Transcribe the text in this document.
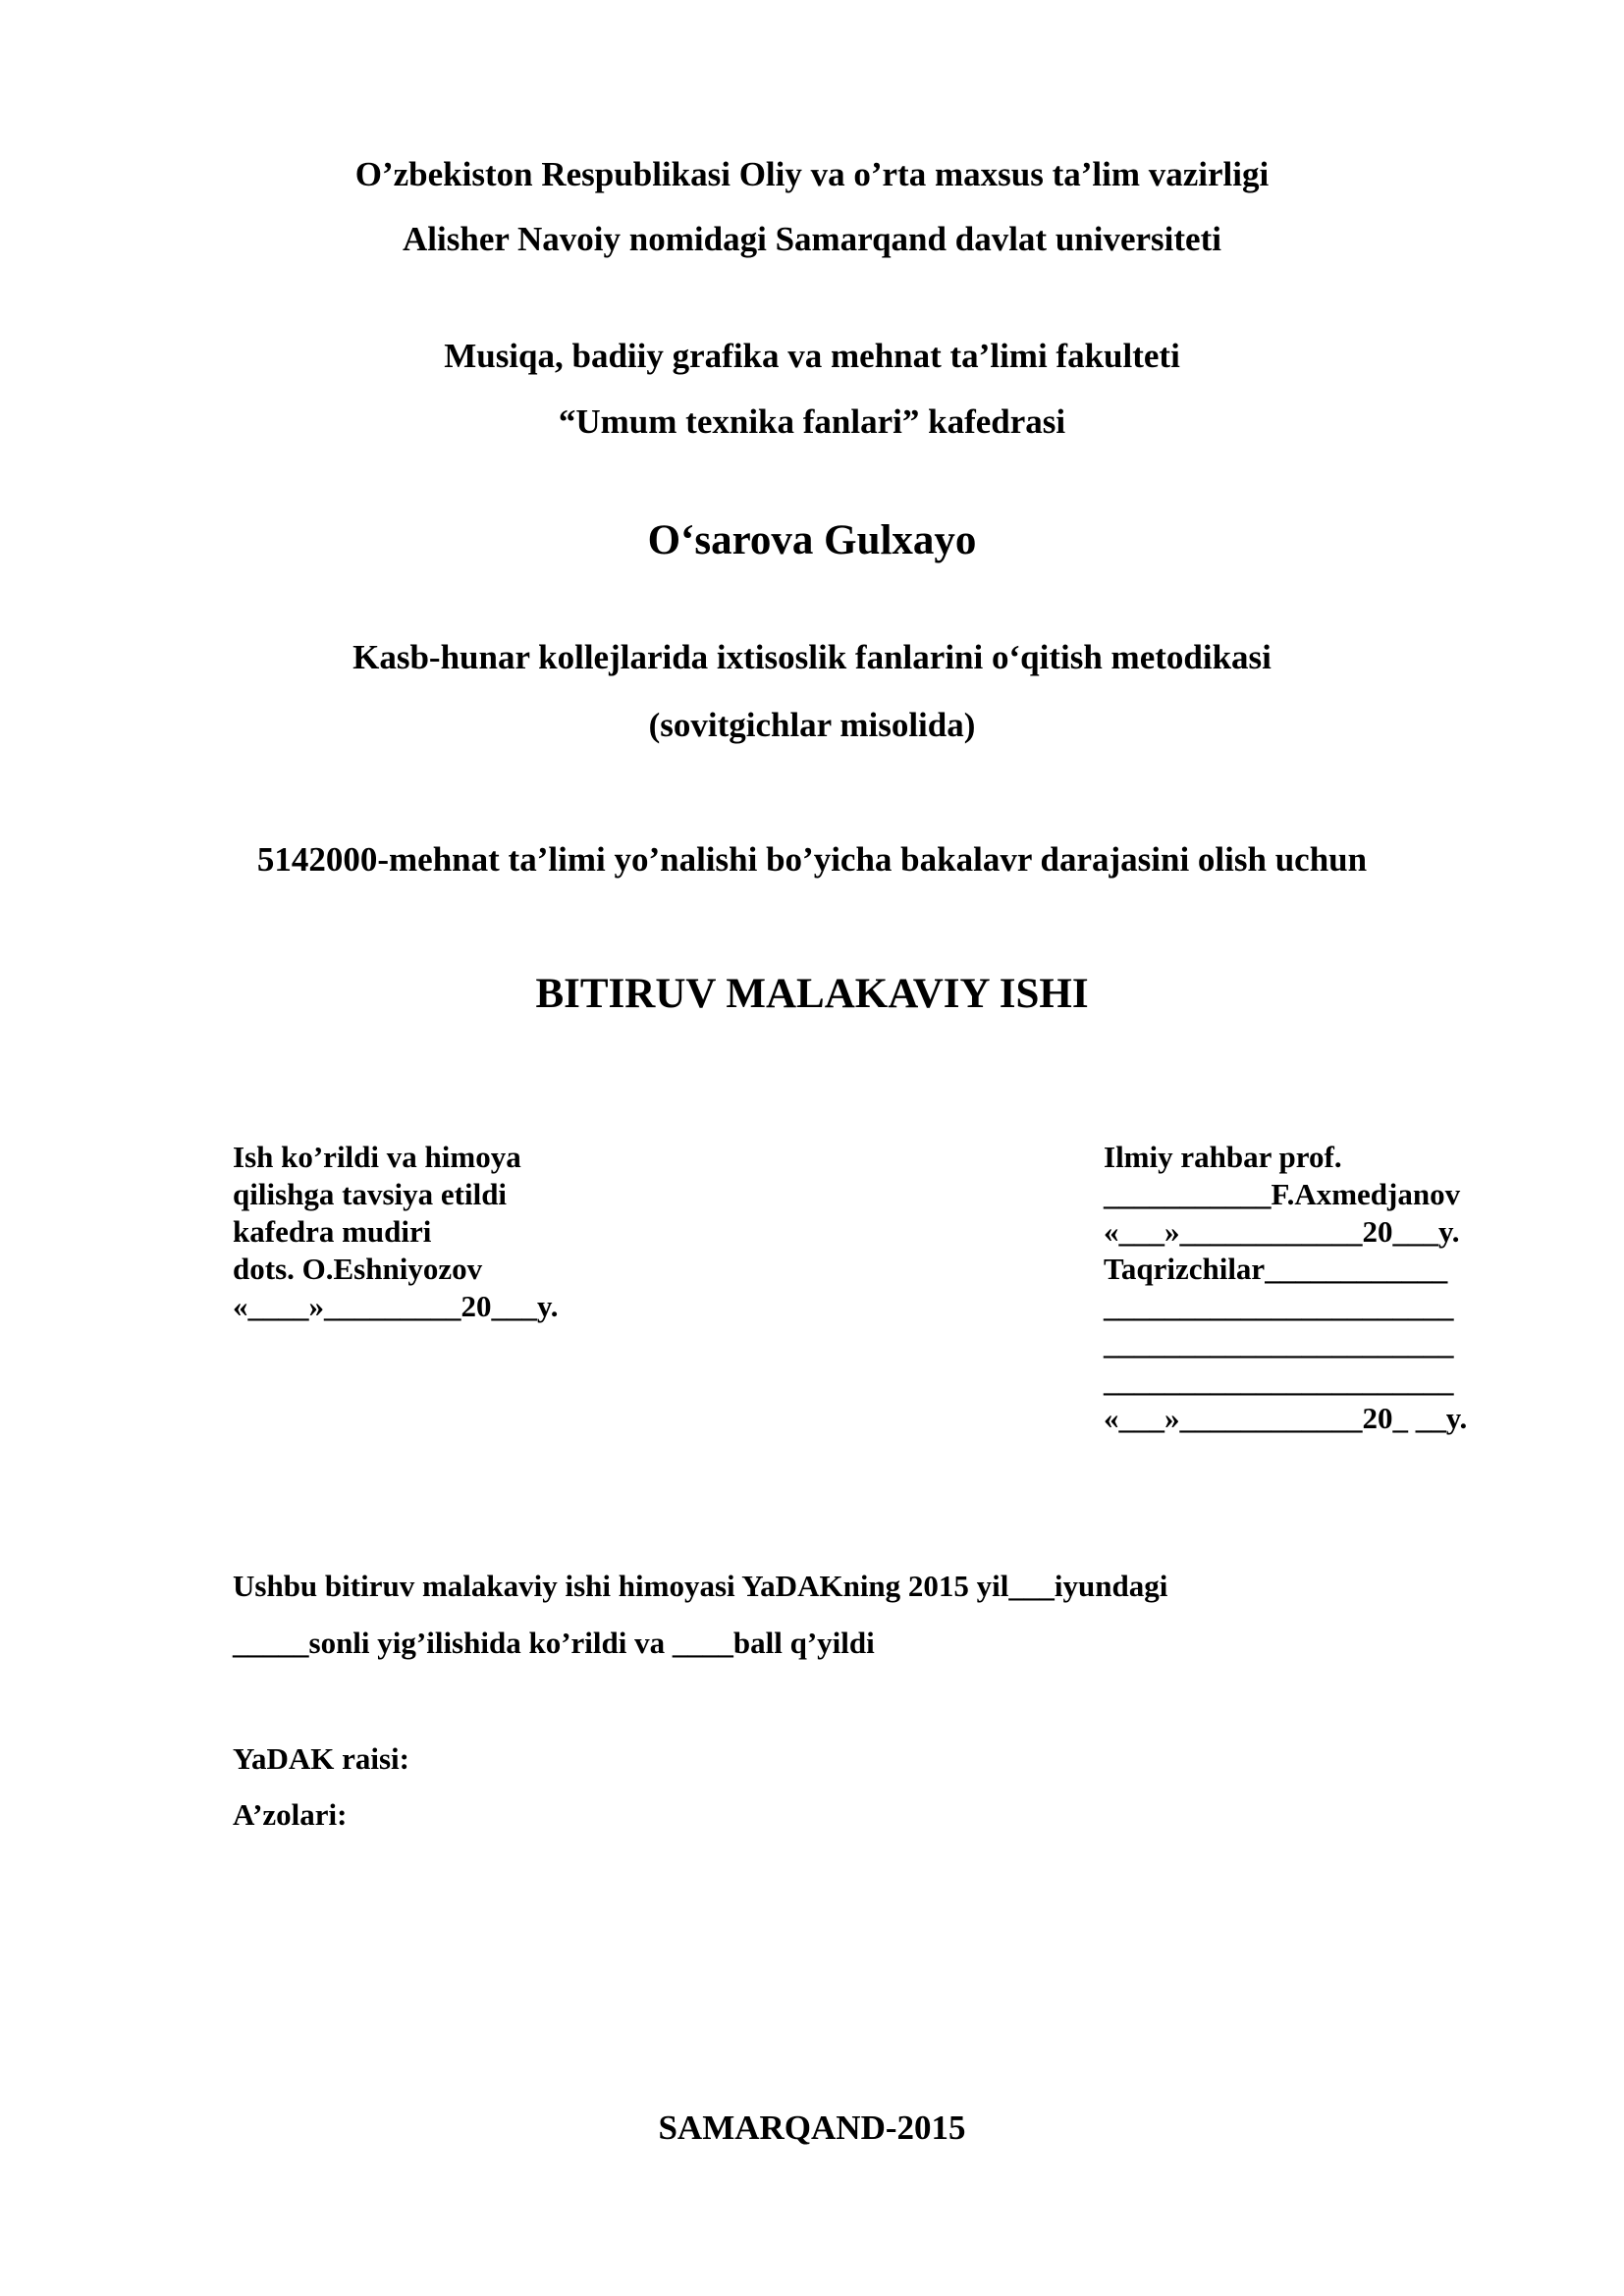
O’zbekiston Respublikasi Oliy va o’rta maxsus ta’lim vazirligi
Alisher Navoiy nomidagi Samarqand davlat universiteti
Musiqa, badiiy grafika va mehnat ta’limi fakulteti
“Umum texnika fanlari” kafedrasi
O‘sarova Gulxayo
Kasb-hunar kollejlarida ixtisoslik fanlarini o‘qitish metodikasi
(sovitgichlar misolida)
5142000-mehnat ta’limi yo’nalishi bo’yicha bakalavr darajasini olish uchun
BITIRUV MALAKAVIY ISHI
Ish ko’rildi va himoya
qilishga tavsiya etildi
kafedra mudiri
dots. O.Eshniyozov
«____»_________20___y.
Ilmiy rahbar prof.
___________F.Axmedjanov
«___»____________20___y.
Taqrizchilar____________
_______________________
_______________________
_______________________
«___»____________20_ __y.
Ushbu bitiruv malakaviy ishi himoyasi YaDAKning 2015 yil___iyundagi
_____sonli yig’ilishida ko’rildi va ____ball q’yildi
YaDAK raisi:
A’zolari:
SAMARQAND-2015
